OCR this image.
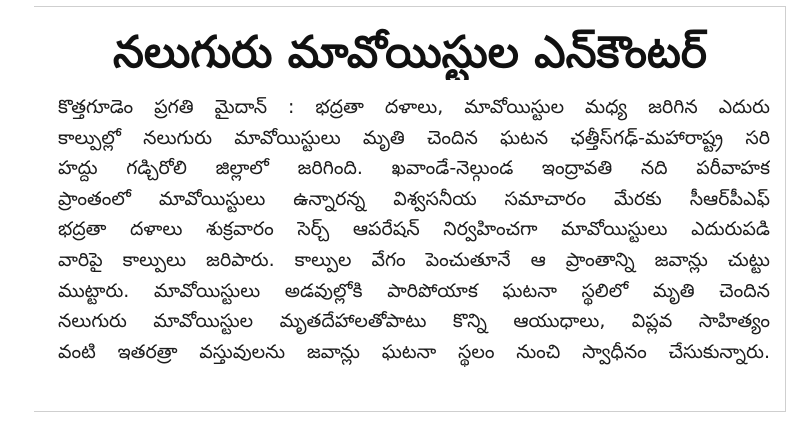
నలుగురు మావోయిస్టుల ఎన్‌కౌంటర్
కొత్తగూడెం ప్రగతి మైదాన్ : భద్రతా దళాలు, మావోయిస్టుల మధ్య జరిగిన ఎదురు
కాల్పుల్లో నలుగురు మావోయిస్టులు మృతి చెందిన ఘటన ఛత్తీస్‌గఢ్‌-మహారాష్ట్ర సరి
హద్దు గడ్చిరోలి జిల్లాలో జరిగింది. ఖవాండే-నెల్గుండ ఇంద్రావతి నది పరీవాహక
ప్రాంతంలో మావోయిస్టులు ఉన్నారన్న విశ్వసనీయ సమాచారం మేరకు సీఆర్‌పీఎఫ్
భద్రతా దళాలు శుక్రవారం సెర్చ్ ఆపరేషన్ నిర్వహించగా మావోయిస్టులు ఎదురుపడి
వారిపై కాల్పులు జరిపారు. కాల్పుల వేగం పెంచుతూనే ఆ ప్రాంతాన్ని జవాన్లు చుట్టు
ముట్టారు. మావోయిస్టులు అడవుల్లోకి పారిపోయాక ఘటనా స్థలిలో మృతి చెందిన
నలుగురు మావోయిస్టుల మృతదేహాలతోపాటు కొన్ని ఆయుధాలు, విప్లవ సాహిత్యం
వంటి ఇతరత్రా వస్తువులను జవాన్లు ఘటనా స్థలం నుంచి స్వాధీనం చేసుకున్నారు.
